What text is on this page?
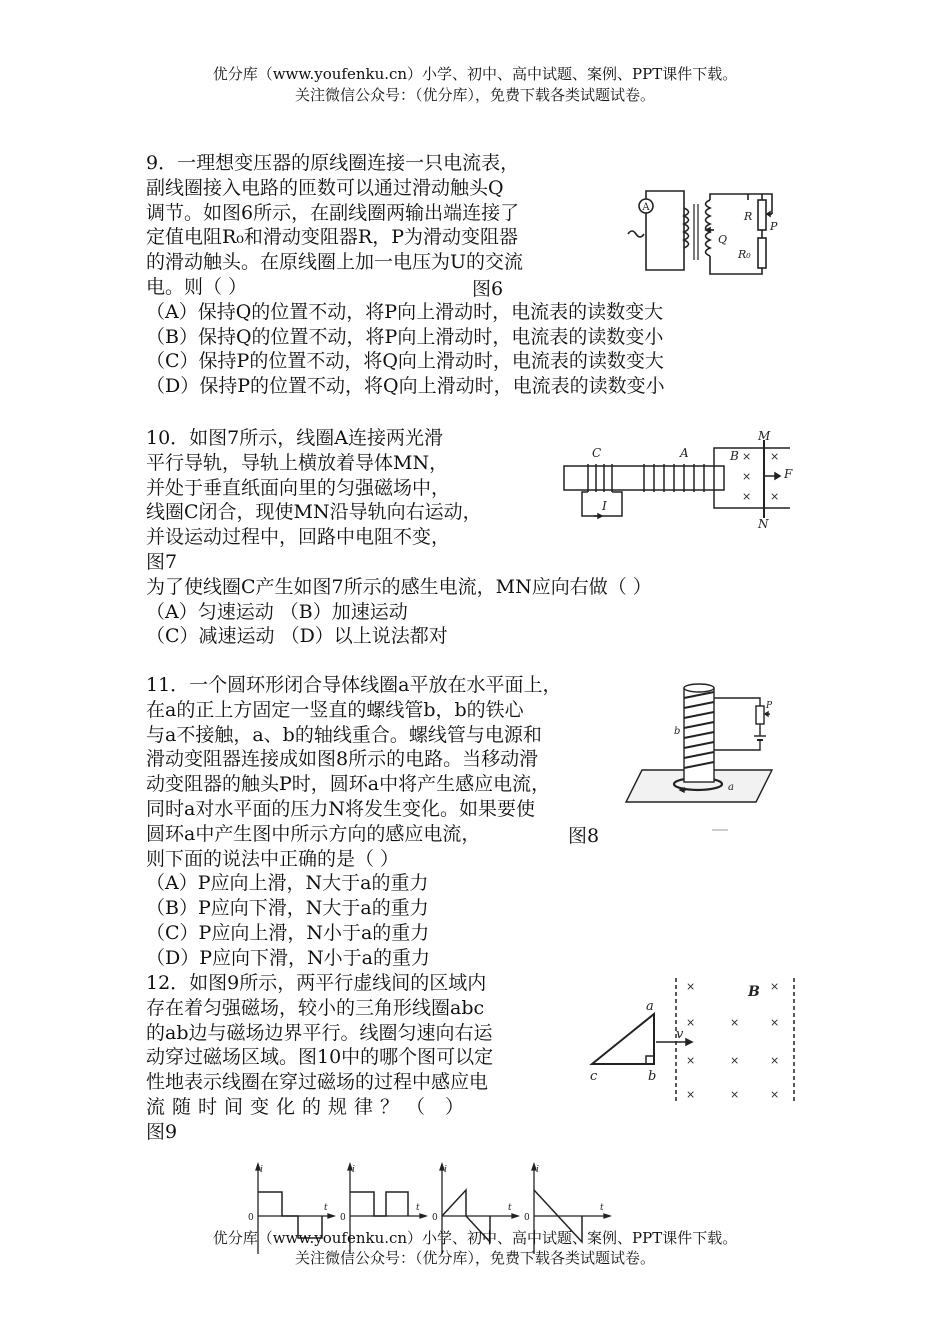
优分库（www.youfenku.cn）小学、初中、高中试题、案例、PPT课件下载。
关注微信公众号：（优分库），免费下载各类试题试卷。
9．一理想变压器的原线圈连接一只电流表，
副线圈接入电路的匝数可以通过滑动触头Q
调节。如图6所示，在副线圈两输出端连接了
定值电阻R₀和滑动变阻器R，P为滑动变阻器
的滑动触头。在原线圈上加一电压为U的交流
电。则（ ）
（A）保持Q的位置不动，将P向上滑动时，电流表的读数变大
（B）保持Q的位置不动，将P向上滑动时，电流表的读数变小
（C）保持P的位置不动，将Q向上滑动时，电流表的读数变大
（D）保持P的位置不动，将Q向上滑动时，电流表的读数变小
图6
A
Q
R
P
R₀
10．如图7所示，线圈A连接两光滑
平行导轨，导轨上横放着导体MN，
并处于垂直纸面向里的匀强磁场中，
线圈C闭合，现使MN沿导轨向右运动，
并设运动过程中，回路中电阻不变，
图7
为了使线圈C产生如图7所示的感生电流，MN应向右做（ ）
（A）匀速运动 （B）加速运动
（C）减速运动 （D）以上说法都对
I
C	A
F
M
N
B ×
×
×
×
×
11．一个圆环形闭合导体线圈a平放在水平面上，
在a的正上方固定一竖直的螺线管b，b的铁心
与a不接触，a、b的轴线重合。螺线管与电源和
滑动变阻器连接成如图8所示的电路。当移动滑
动变阻器的触头P时，圆环a中将产生感应电流，
同时a对水平面的压力N将发生变化。如果要使
圆环a中产生图中所示方向的感应电流，
则下面的说法中正确的是（ ）
（A）P应向上滑，N大于a的重力
（B）P应向下滑，N大于a的重力
（C）P应向上滑，N小于a的重力
（D）P应向下滑，N小于a的重力
图8
a
b
P
12．如图9所示，两平行虚线间的区域内
存在着匀强磁场，较小的三角形线圈abc
的ab边与磁场边界平行。线圈匀速向右运
动穿过磁场区域。图10中的哪个图可以定
性地表示线圈在穿过磁场的过程中感应电
流随时间变化的规律？（ ）
图9
a
b
c
v
B
×	×
×	×	×
×	×	×
×	×	×
i
0
t
i
0
t
i
0
t
i
0
t
优分库（www.youfenku.cn）小学、初中、高中试题、案例、PPT课件下载。
关注微信公众号：（优分库），免费下载各类试题试卷。
